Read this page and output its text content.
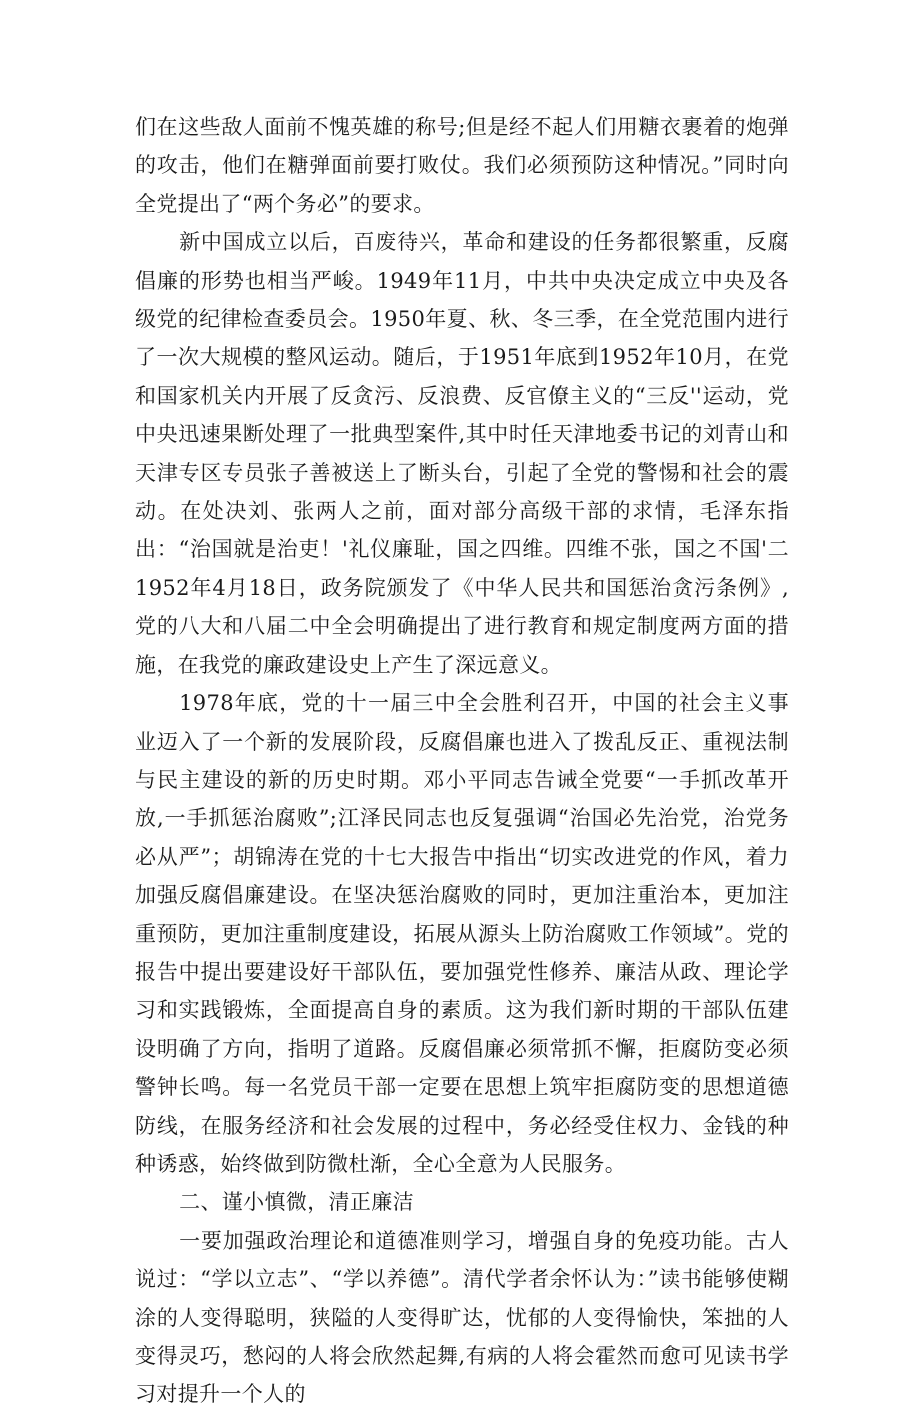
们在这些敌人面前不愧英雄的称号;但是经不起人们用糖衣裹着的炮弹的攻击，他们在糖弹面前要打败仗。我们必须预防这种情况。”同时向全党提出了“两个务必”的要求。

新中国成立以后，百废待兴，革命和建设的任务都很繁重，反腐倡廉的形势也相当严峻。1949年11月，中共中央决定成立中央及各级党的纪律检查委员会。1950年夏、秋、冬三季，在全党范围内进行了一次大规模的整风运动。随后，于1951年底到1952年10月，在党和国家机关内开展了反贪污、反浪费、反官僚主义的“三反''运动，党中央迅速果断处理了一批典型案件,其中时任天津地委书记的刘青山和天津专区专员张子善被送上了断头台，引起了全党的警惕和社会的震动。在处决刘、张两人之前，面对部分高级干部的求情，毛泽东指出：“治国就是治吏！'礼仪廉耻，国之四维。四维不张，国之不国'二1952年4月18日，政务院颁发了《中华人民共和国惩治贪污条例》,党的八大和八届二中全会明确提出了进行教育和规定制度两方面的措施，在我党的廉政建设史上产生了深远意义。

1978年底，党的十一届三中全会胜利召开，中国的社会主义事业迈入了一个新的发展阶段，反腐倡廉也进入了拨乱反正、重视法制与民主建设的新的历史时期。邓小平同志告诫全党要“一手抓改革开放,一手抓惩治腐败”;江泽民同志也反复强调“治国必先治党，治党务必从严”；胡锦涛在党的十七大报告中指出“切实改进党的作风，着力加强反腐倡廉建设。在坚决惩治腐败的同时，更加注重治本，更加注重预防，更加注重制度建设，拓展从源头上防治腐败工作领域”。党的报告中提出要建设好干部队伍，要加强党性修养、廉洁从政、理论学习和实践锻炼，全面提高自身的素质。这为我们新时期的干部队伍建设明确了方向，指明了道路。反腐倡廉必须常抓不懈，拒腐防变必须警钟长鸣。每一名党员干部一定要在思想上筑牢拒腐防变的思想道德防线，在服务经济和社会发展的过程中，务必经受住权力、金钱的种种诱惑，始终做到防微杜渐，全心全意为人民服务。

二、谨小慎微，清正廉洁

一要加强政治理论和道德准则学习，增强自身的免疫功能。古人说过：“学以立志”、“学以养德”。清代学者余怀认为：”读书能够使糊涂的人变得聪明，狭隘的人变得旷达，忧郁的人变得愉快，笨拙的人变得灵巧，愁闷的人将会欣然起舞,有病的人将会霍然而愈可见读书学习对提升一个人的
